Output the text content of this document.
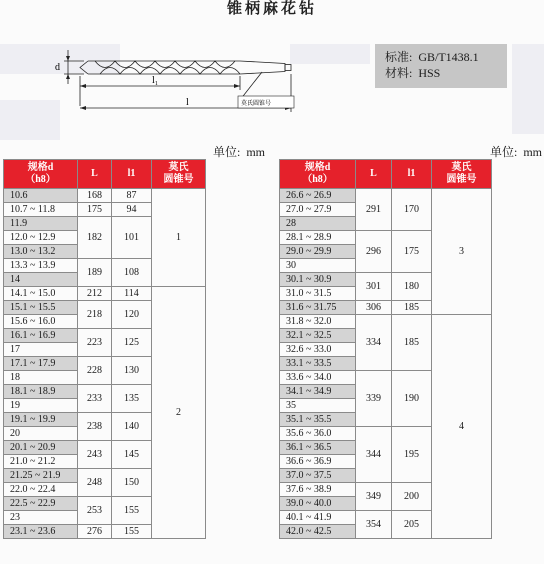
锥柄麻花钻
d
l₁
l	莫氏圆锥号
标准: GB/T1438.1
材料: HSS
单位: mm	单位: mm
规格d
（h8）	L	l1	莫氏
圆锥号
10.6	168	87	1
10.7 ~ 11.8	175	94	
11.9	182	101	
12.0 ~ 12.9			
13.0 ~ 13.2			
13.3 ~ 13.9	189	108	
14			
14.1 ~ 15.0	212	114	2
15.1 ~ 15.5	218	120	
15.6 ~ 16.0			
16.1 ~ 16.9	223	125	
17			
17.1 ~ 17.9	228	130	
18			
18.1 ~ 18.9	233	135	
19			
19.1 ~ 19.9	238	140	
20			
20.1 ~ 20.9	243	145	
21.0 ~ 21.2			
21.25 ~ 21.9	248	150	
22.0 ~ 22.4			
22.5 ~ 22.9	253	155	
23			
23.1 ~ 23.6	276	155	
规格d
（h8）	L	l1	莫氏
圆锥号
26.6 ~ 26.9	291	170	3
27.0 ~ 27.9			
28			
28.1 ~ 28.9	296	175	
29.0 ~ 29.9			
30			
30.1 ~ 30.9	301	180	
31.0 ~ 31.5			
31.6 ~ 31.75	306	185	
31.8 ~ 32.0	334	185	4
32.1 ~ 32.5			
32.6 ~ 33.0			
33.1 ~ 33.5			
33.6 ~ 34.0	339	190	
34.1 ~ 34.9			
35			
35.1 ~ 35.5			
35.6 ~ 36.0	344	195	
36.1 ~ 36.5			
36.6 ~ 36.9			
37.0 ~ 37.5			
37.6 ~ 38.9	349	200	
39.0 ~ 40.0			
40.1 ~ 41.9	354	205	
42.0 ~ 42.5			
